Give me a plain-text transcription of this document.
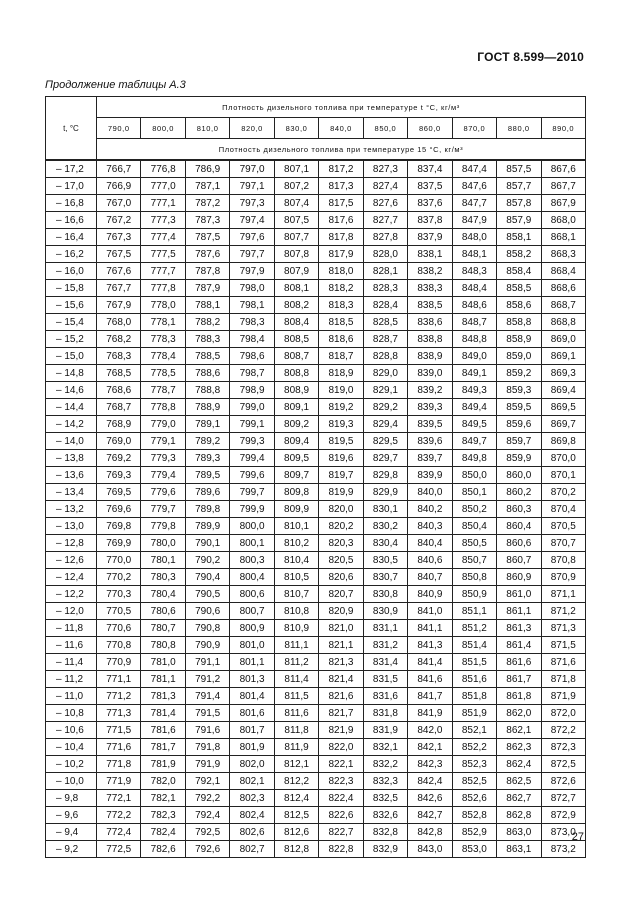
ГОСТ 8.599—2010
Продолжение таблицы А.3
t, °C	Плотность дизельного топлива при температуре t °C, кг/м³										
	790,0	800,0	810,0	820,0	830,0	840,0	850,0	860,0	870,0	880,0	890,0
	Плотность дизельного топлива при температуре 15 °C, кг/м³										
– 17,2	766,7	776,8	786,9	797,0	807,1	817,2	827,3	837,4	847,4	857,5	867,6
– 17,0	766,9	777,0	787,1	797,1	807,2	817,3	827,4	837,5	847,6	857,7	867,7
– 16,8	767,0	777,1	787,2	797,3	807,4	817,5	827,6	837,6	847,7	857,8	867,9
– 16,6	767,2	777,3	787,3	797,4	807,5	817,6	827,7	837,8	847,9	857,9	868,0
– 16,4	767,3	777,4	787,5	797,6	807,7	817,8	827,8	837,9	848,0	858,1	868,1
– 16,2	767,5	777,5	787,6	797,7	807,8	817,9	828,0	838,1	848,1	858,2	868,3
– 16,0	767,6	777,7	787,8	797,9	807,9	818,0	828,1	838,2	848,3	858,4	868,4
– 15,8	767,7	777,8	787,9	798,0	808,1	818,2	828,3	838,3	848,4	858,5	868,6
– 15,6	767,9	778,0	788,1	798,1	808,2	818,3	828,4	838,5	848,6	858,6	868,7
– 15,4	768,0	778,1	788,2	798,3	808,4	818,5	828,5	838,6	848,7	858,8	868,8
– 15,2	768,2	778,3	788,3	798,4	808,5	818,6	828,7	838,8	848,8	858,9	869,0
– 15,0	768,3	778,4	788,5	798,6	808,7	818,7	828,8	838,9	849,0	859,0	869,1
– 14,8	768,5	778,5	788,6	798,7	808,8	818,9	829,0	839,0	849,1	859,2	869,3
– 14,6	768,6	778,7	788,8	798,9	808,9	819,0	829,1	839,2	849,3	859,3	869,4
– 14,4	768,7	778,8	788,9	799,0	809,1	819,2	829,2	839,3	849,4	859,5	869,5
– 14,2	768,9	779,0	789,1	799,1	809,2	819,3	829,4	839,5	849,5	859,6	869,7
– 14,0	769,0	779,1	789,2	799,3	809,4	819,5	829,5	839,6	849,7	859,7	869,8
– 13,8	769,2	779,3	789,3	799,4	809,5	819,6	829,7	839,7	849,8	859,9	870,0
– 13,6	769,3	779,4	789,5	799,6	809,7	819,7	829,8	839,9	850,0	860,0	870,1
– 13,4	769,5	779,6	789,6	799,7	809,8	819,9	829,9	840,0	850,1	860,2	870,2
– 13,2	769,6	779,7	789,8	799,9	809,9	820,0	830,1	840,2	850,2	860,3	870,4
– 13,0	769,8	779,8	789,9	800,0	810,1	820,2	830,2	840,3	850,4	860,4	870,5
– 12,8	769,9	780,0	790,1	800,1	810,2	820,3	830,4	840,4	850,5	860,6	870,7
– 12,6	770,0	780,1	790,2	800,3	810,4	820,5	830,5	840,6	850,7	860,7	870,8
– 12,4	770,2	780,3	790,4	800,4	810,5	820,6	830,7	840,7	850,8	860,9	870,9
– 12,2	770,3	780,4	790,5	800,6	810,7	820,7	830,8	840,9	850,9	861,0	871,1
– 12,0	770,5	780,6	790,6	800,7	810,8	820,9	830,9	841,0	851,1	861,1	871,2
– 11,8	770,6	780,7	790,8	800,9	810,9	821,0	831,1	841,1	851,2	861,3	871,3
– 11,6	770,8	780,8	790,9	801,0	811,1	821,1	831,2	841,3	851,4	861,4	871,5
– 11,4	770,9	781,0	791,1	801,1	811,2	821,3	831,4	841,4	851,5	861,6	871,6
– 11,2	771,1	781,1	791,2	801,3	811,4	821,4	831,5	841,6	851,6	861,7	871,8
– 11,0	771,2	781,3	791,4	801,4	811,5	821,6	831,6	841,7	851,8	861,8	871,9
– 10,8	771,3	781,4	791,5	801,6	811,6	821,7	831,8	841,9	851,9	862,0	872,0
– 10,6	771,5	781,6	791,6	801,7	811,8	821,9	831,9	842,0	852,1	862,1	872,2
– 10,4	771,6	781,7	791,8	801,9	811,9	822,0	832,1	842,1	852,2	862,3	872,3
– 10,2	771,8	781,9	791,9	802,0	812,1	822,1	832,2	842,3	852,3	862,4	872,5
– 10,0	771,9	782,0	792,1	802,1	812,2	822,3	832,3	842,4	852,5	862,5	872,6
– 9,8	772,1	782,1	792,2	802,3	812,4	822,4	832,5	842,6	852,6	862,7	872,7
– 9,6	772,2	782,3	792,4	802,4	812,5	822,6	832,6	842,7	852,8	862,8	872,9
– 9,4	772,4	782,4	792,5	802,6	812,6	822,7	832,8	842,8	852,9	863,0	873,0
– 9,2	772,5	782,6	792,6	802,7	812,8	822,8	832,9	843,0	853,0	863,1	873,2
27
